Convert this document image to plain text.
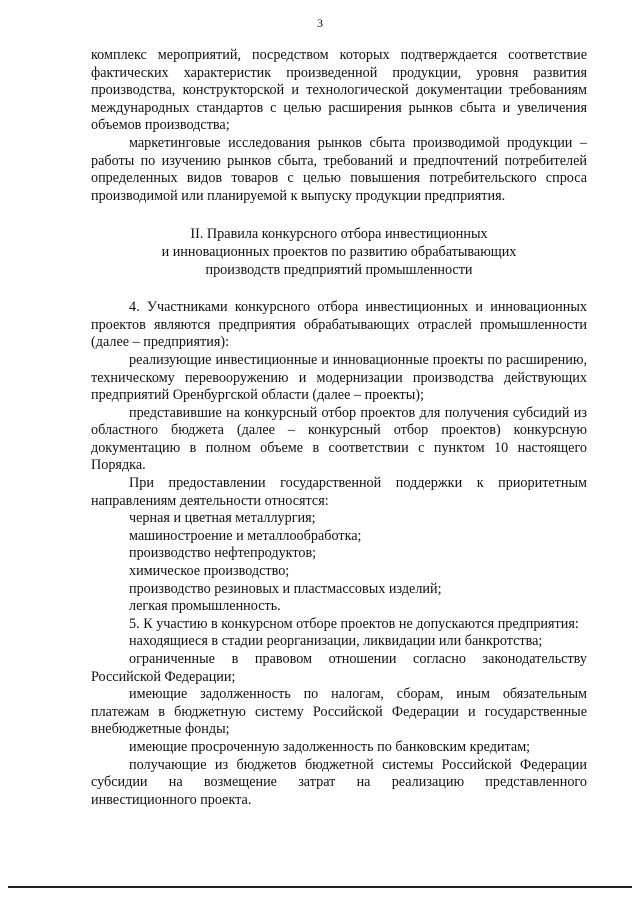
3

комплекс мероприятий, посредством которых подтверждается соответствие фактических характеристик произведенной продукции, уровня развития производства, конструкторской и технологической документации требованиям международных стандартов с целью расширения рынков сбыта и увеличения объемов производства;

маркетинговые исследования рынков сбыта производимой продукции – работы по изучению рынков сбыта, требований и предпочтений потребителей определенных видов товаров с целью повышения потребительского спроса производимой или планируемой к выпуску продукции предприятия.

II. Правила конкурсного отбора инвестиционных
и инновационных проектов по развитию обрабатывающих
производств предприятий промышленности

4. Участниками конкурсного отбора инвестиционных и инновационных проектов являются предприятия обрабатывающих отраслей промышленности (далее – предприятия):

реализующие инвестиционные и инновационные проекты по расширению, техническому перевооружению и модернизации производства действующих предприятий Оренбургской области (далее – проекты);

представившие на конкурсный отбор проектов для получения субсидий из областного бюджета (далее – конкурсный отбор проектов) конкурсную документацию в полном объеме в соответствии с пунктом 10 настоящего Порядка.

При предоставлении государственной поддержки к приоритетным направлениям деятельности относятся:

черная и цветная металлургия;

машиностроение и металлообработка;

производство нефтепродуктов;

химическое производство;

производство резиновых и пластмассовых изделий;

легкая промышленность.

5. К участию в конкурсном отборе проектов не допускаются предприятия:

находящиеся в стадии реорганизации, ликвидации или банкротства;

ограниченные в правовом отношении согласно законодательству Российской Федерации;

имеющие задолженность по налогам, сборам, иным обязательным платежам в бюджетную систему Российской Федерации и государственные внебюджетные фонды;

имеющие просроченную задолженность по банковским кредитам;

получающие из бюджетов бюджетной системы Российской Федерации субсидии на возмещение затрат на реализацию представленного инвестиционного проекта.
